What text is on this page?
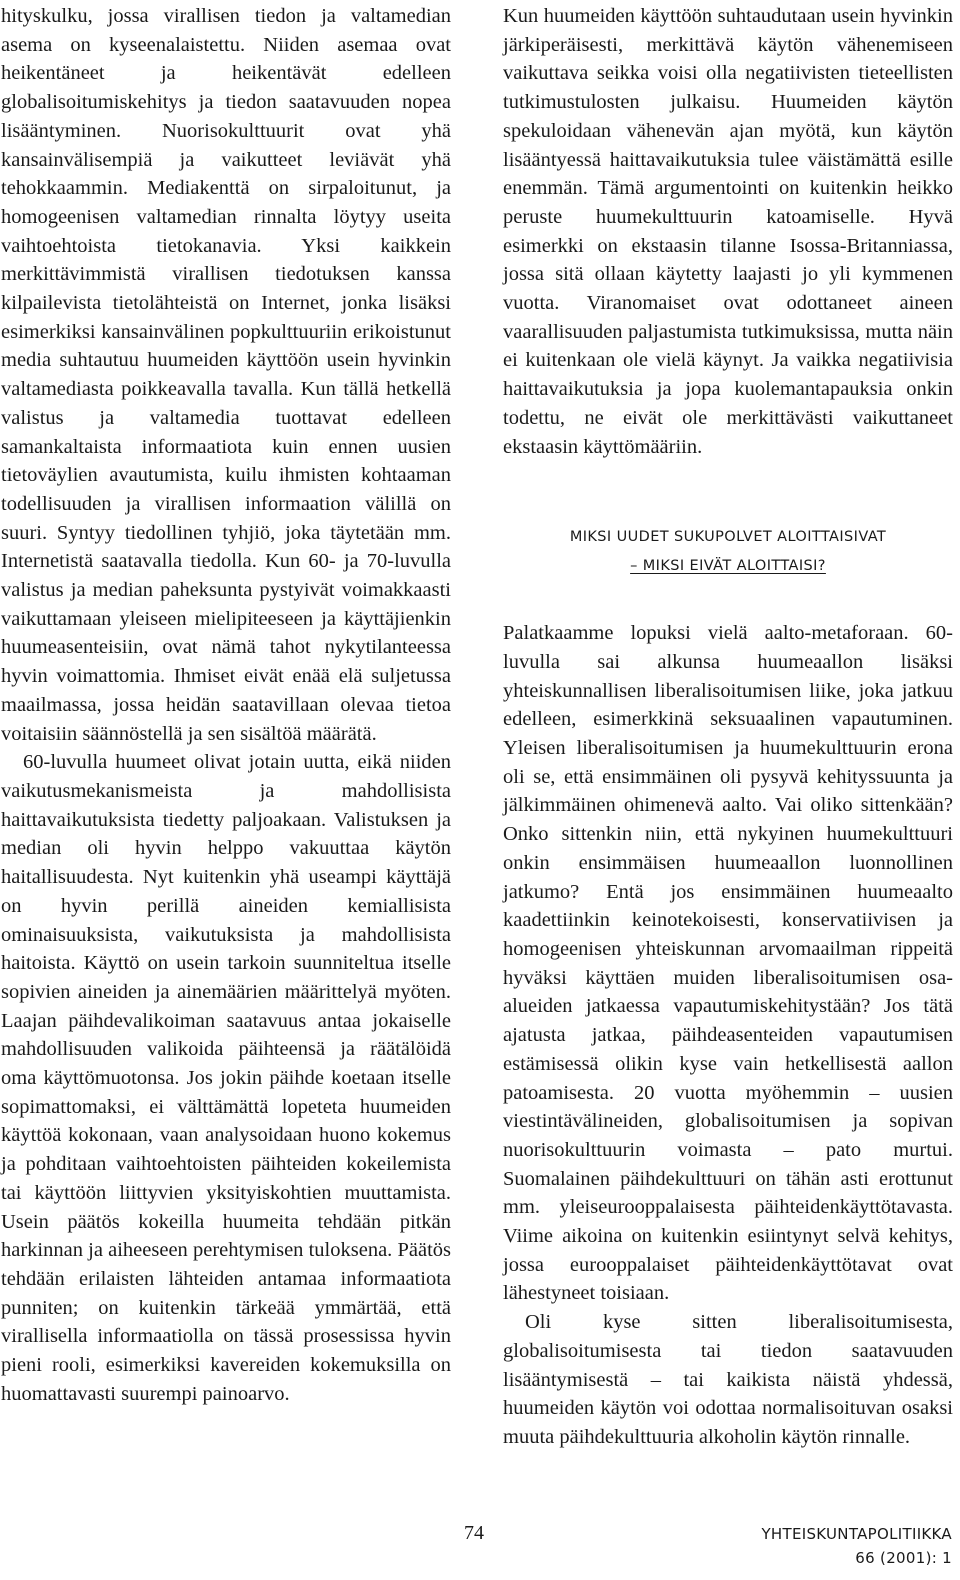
hityskulku, jossa virallisen tiedon ja valtamedian asema on kyseenalaistettu. Niiden asemaa ovat heikentäneet ja heikentävät edelleen globalisoitumiskehitys ja tiedon saatavuuden nopea lisääntyminen. Nuorisokulttuurit ovat yhä kansainvälisempiä ja vaikutteet leviävät yhä tehokkaammin. Mediakenttä on sirpaloitunut, ja homogeenisen valtamedian rinnalta löytyy useita vaihtoehtoista tietokanavia. Yksi kaikkein merkittävimmistä virallisen tiedotuksen kanssa kilpailevista tietolähteistä on Internet, jonka lisäksi esimerkiksi kansainvälinen popkulttuuriin erikoistunut media suhtautuu huumeiden käyttöön usein hyvinkin valtamediasta poikkeavalla tavalla. Kun tällä hetkellä valistus ja valtamedia tuottavat edelleen samankaltaista informaatiota kuin ennen uusien tietoväylien avautumista, kuilu ihmisten kohtaaman todellisuuden ja virallisen informaation välillä on suuri. Syntyy tiedollinen tyhjiö, joka täytetään mm. Internetistä saatavalla tiedolla. Kun 60- ja 70-luvulla valistus ja median paheksunta pystyivät voimakkaasti vaikuttamaan yleiseen mielipiteeseen ja käyttäjienkin huumeasenteisiin, ovat nämä tahot nykytilanteessa hyvin voimattomia. Ihmiset eivät enää elä suljetussa maailmassa, jossa heidän saatavillaan olevaa tietoa voitaisiin säännöstellä ja sen sisältöä määrätä.

60-luvulla huumeet olivat jotain uutta, eikä niiden vaikutusmekanismeista ja mahdollisista haittavaikutuksista tiedetty paljoakaan. Valistuksen ja median oli hyvin helppo vakuuttaa käytön haitallisuudesta. Nyt kuitenkin yhä useampi käyttäjä on hyvin perillä aineiden kemiallisista ominaisuuksista, vaikutuksista ja mahdollisista haitoista. Käyttö on usein tarkoin suunniteltua itselle sopivien aineiden ja ainemäärien määrittelyä myöten. Laajan päihdevalikoiman saatavuus antaa jokaiselle mahdollisuuden valikoida päihteensä ja räätälöidä oma käyttömuotonsa. Jos jokin päihde koetaan itselle sopimattomaksi, ei välttämättä lopeteta huumeiden käyttöä kokonaan, vaan analysoidaan huono kokemus ja pohditaan vaihtoehtoisten päihteiden kokeilemista tai käyttöön liittyvien yksityiskohtien muuttamista. Usein päätös kokeilla huumeita tehdään pitkän harkinnan ja aiheeseen perehtymisen tuloksena. Päätös tehdään erilaisten lähteiden antamaa informaatiota punniten; on kuitenkin tärkeää ymmärtää, että virallisella informaatiolla on tässä prosessissa hyvin pieni rooli, esimerkiksi kavereiden kokemuksilla on huomattavasti suurempi painoarvo.

Kun huumeiden käyttöön suhtaudutaan usein hyvinkin järkiperäisesti, merkittävä käytön vähenemiseen vaikuttava seikka voisi olla negatiivisten tieteellisten tutkimustulosten julkaisu. Huumeiden käytön spekuloidaan vähenevän ajan myötä, kun käytön lisääntyessä haittavaikutuksia tulee väistämättä esille enemmän. Tämä argumentointi on kuitenkin heikko peruste huumekulttuurin katoamiselle. Hyvä esimerkki on ekstaasin tilanne Isossa-Britanniassa, jossa sitä ollaan käytetty laajasti jo yli kymmenen vuotta. Viranomaiset ovat odottaneet aineen vaarallisuuden paljastumista tutkimuksissa, mutta näin ei kuitenkaan ole vielä käynyt. Ja vaikka negatiivisia haittavaikutuksia ja jopa kuolemantapauksia onkin todettu, ne eivät ole merkittävästi vaikuttaneet ekstaasin käyttömääriin.

MIKSI UUDET SUKUPOLVET ALOITTAISIVAT
– MIKSI EIVÄT ALOITTAISI?

Palatkaamme lopuksi vielä aalto-metaforaan. 60-luvulla sai alkunsa huumeaallon lisäksi yhteiskunnallisen liberalisoitumisen liike, joka jatkuu edelleen, esimerkkinä seksuaalinen vapautuminen. Yleisen liberalisoitumisen ja huumekulttuurin erona oli se, että ensimmäinen oli pysyvä kehityssuunta ja jälkimmäinen ohimenevä aalto. Vai oliko sittenkään? Onko sittenkin niin, että nykyinen huumekulttuuri onkin ensimmäisen huumeaallon luonnollinen jatkumo? Entä jos ensimmäinen huumeaalto kaadettiinkin keinotekoisesti, konservatiivisen ja homogeenisen yhteiskunnan arvomaailman rippeitä hyväksi käyttäen muiden liberalisoitumisen osa-alueiden jatkaessa vapautumiskehitystään? Jos tätä ajatusta jatkaa, päihdeasenteiden vapautumisen estämisessä olikin kyse vain hetkellisestä aallon patoamisesta. 20 vuotta myöhemmin – uusien viestintävälineiden, globalisoitumisen ja sopivan nuorisokulttuurin voimasta – pato murtui. Suomalainen päihdekulttuuri on tähän asti erottunut mm. yleiseurooppalaisesta päihteidenkäyttötavasta. Viime aikoina on kuitenkin esiintynyt selvä kehitys, jossa eurooppalaiset päihteidenkäyttötavat ovat lähestyneet toisiaan.

Oli kyse sitten liberalisoitumisesta, globalisoitumisesta tai tiedon saatavuuden lisääntymisestä – tai kaikista näistä yhdessä, huumeiden käytön voi odottaa normalisoituvan osaksi muuta päihdekulttuuria alkoholin käytön rinnalle.

74	YHTEISKUNTAPOLITIIKKA
66 (2001): 1
